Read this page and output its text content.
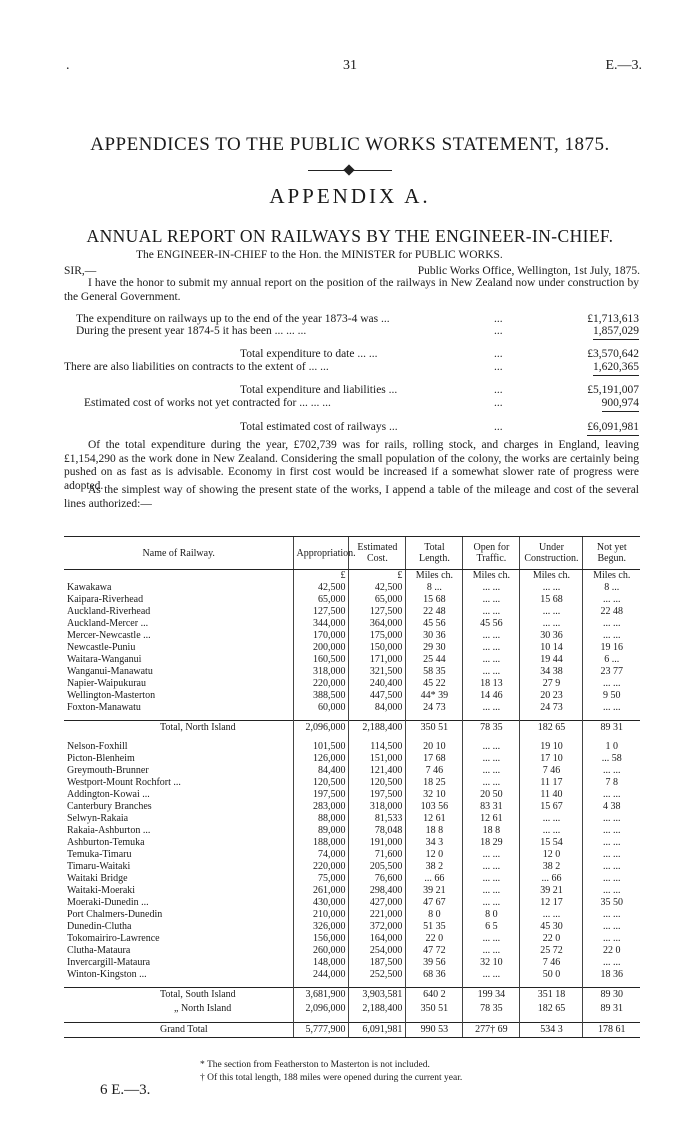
.	31	E.—3.
APPENDICES TO THE PUBLIC WORKS STATEMENT, 1875.
APPENDIX A.
ANNUAL REPORT ON RAILWAYS BY THE ENGINEER-IN-CHIEF.
The ENGINEER-IN-CHIEF to the Hon. the MINISTER for PUBLIC WORKS.
SIR,—	Public Works Office, Wellington, 1st July, 1875.
I have the honor to submit my annual report on the position of the railways in New Zealand now under construction by the General Government.
The expenditure on railways up to the end of the year 1873-4 was ...	...	£1,713,613
During the present year 1874-5 it has been ... ... ...	...	1,857,029
Total expenditure to date ... ...	...	£3,570,642
There are also liabilities on contracts to the extent of ... ...	...	1,620,365
Total expenditure and liabilities ...	...	£5,191,007
Estimated cost of works not yet contracted for ... ... ...	...	900,974
Total estimated cost of railways ...	...	£6,091,981
Of the total expenditure during the year, £702,739 was for rails, rolling stock, and charges in England, leaving £1,154,290 as the work done in New Zealand. Considering the small population of the colony, the works are certainly being pushed on as fast as is advisable. Economy in first cost would be increased if a somewhat slower rate of progress were adopted.
As the simplest way of showing the present state of the works, I append a table of the mileage and cost of the several lines authorized:—
Name of Railway.	Appropriation.	Estimated Cost.	Total Length.	Open for Traffic.	Under Construction.	Not yet Begun.
	£	£	Miles ch.	Miles ch.	Miles ch.	Miles ch.
Kawakawa	42,500	42,500	8 ...	... ...	... ...	8 ...
Kaipara-Riverhead	65,000	65,000	15 68	... ...	15 68	... ...
Auckland-Riverhead	127,500	127,500	22 48	... ...	... ...	22 48
Auckland-Mercer ...	344,000	364,000	45 56	45 56	... ...	... ...
Mercer-Newcastle ...	170,000	175,000	30 36	... ...	30 36	... ...
Newcastle-Puniu	200,000	150,000	29 30	... ...	10 14	19 16
Waitara-Wanganui	160,500	171,000	25 44	... ...	19 44	6 ...
Wanganui-Manawatu	318,000	321,500	58 35	... ...	34 38	23 77
Napier-Waipukurau	220,000	240,400	45 22	18 13	27 9	... ...
Wellington-Masterton	388,500	447,500	44* 39	14 46	20 23	9 50
Foxton-Manawatu	60,000	84,000	24 73	... ...	24 73	... ...

Total, North Island	2,096,000	2,188,400	350 51	78 35	182 65	89 31

Nelson-Foxhill	101,500	114,500	20 10	... ...	19 10	1 0
Picton-Blenheim	126,000	151,000	17 68	... ...	17 10	... 58
Greymouth-Brunner	84,400	121,400	7 46	... ...	7 46	... ...
Westport-Mount Rochfort ...	120,500	120,500	18 25	... ...	11 17	7 8
Addington-Kowai ...	197,500	197,500	32 10	20 50	11 40	... ...
Canterbury Branches	283,000	318,000	103 56	83 31	15 67	4 38
Selwyn-Rakaia	88,000	81,533	12 61	12 61	... ...	... ...
Rakaia-Ashburton ...	89,000	78,048	18 8	18 8	... ...	... ...
Ashburton-Temuka	188,000	191,000	34 3	18 29	15 54	... ...
Temuka-Timaru	74,000	71,600	12 0	... ...	12 0	... ...
Timaru-Waitaki	220,000	205,500	38 2	... ...	38 2	... ...
Waitaki Bridge	75,000	76,600	... 66	... ...	... 66	... ...
Waitaki-Moeraki	261,000	298,400	39 21	... ...	39 21	... ...
Moeraki-Dunedin ...	430,000	427,000	47 67	... ...	12 17	35 50
Port Chalmers-Dunedin	210,000	221,000	8 0	8 0	... ...	... ...
Dunedin-Clutha	326,000	372,000	51 35	6 5	45 30	... ...
Tokomairiro-Lawrence	156,000	164,000	22 0	... ...	22 0	... ...
Clutha-Mataura	260,000	254,000	47 72	... ...	25 72	22 0
Invercargill-Mataura	148,000	187,500	39 56	32 10	7 46	... ...
Winton-Kingston ...	244,000	252,500	68 36	... ...	50 0	18 36

Total, South Island	3,681,900	3,903,581	640 2	199 34	351 18	89 30
„ North Island	2,096,000	2,188,400	350 51	78 35	182 65	89 31

Grand Total	5,777,900	6,091,981	990 53	277† 69	534 3	178 61
* The section from Featherston to Masterton is not included.
† Of this total length, 188 miles were opened during the current year.
6 E.—3.
